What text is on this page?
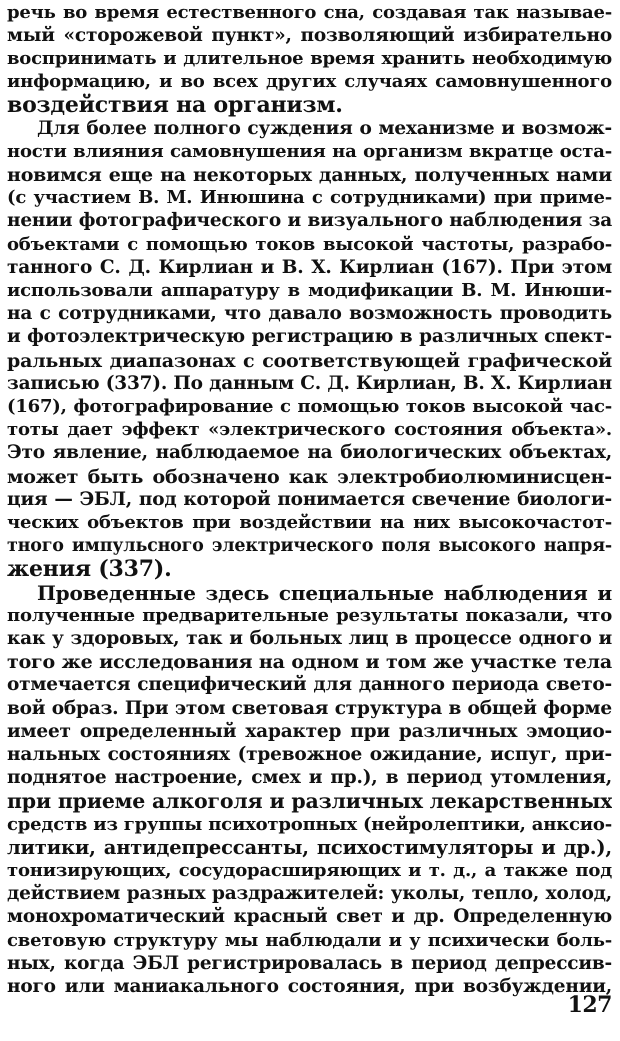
речь во время естественного сна, создавая так называе-
мый «сторожевой пункт», позволяющий избирательно
воспринимать и длительное время хранить необходимую
информацию, и во всех других случаях самовнушенного
воздействия на организм.
Для более полного суждения о механизме и возмож-
ности влияния самовнушения на организм вкратце оста-
новимся еще на некоторых данных, полученных нами
(с участием В. М. Инюшина с сотрудниками) при приме-
нении фотографического и визуального наблюдения за
объектами с помощью токов высокой частоты, разрабо-
танного С. Д. Кирлиан и В. Х. Кирлиан (167). При этом
использовали аппаратуру в модификации В. М. Инюши-
на с сотрудниками, что давало возможность проводить
и фотоэлектрическую регистрацию в различных спект-
ральных диапазонах с соответствующей графической
записью (337). По данным С. Д. Кирлиан, В. Х. Кирлиан
(167), фотографирование с помощью токов высокой час-
тоты дает эффект «электрического состояния объекта».
Это явление, наблюдаемое на биологических объектах,
может быть обозначено как электробиолюминисцен-
ция — ЭБЛ, под которой понимается свечение биологи-
ческих объектов при воздействии на них высокочастот-
тного импульсного электрического поля высокого напря-
жения (337).
Проведенные здесь специальные наблюдения и
полученные предварительные результаты показали, что
как у здоровых, так и больных лиц в процессе одного и
того же исследования на одном и том же участке тела
отмечается специфический для данного периода свето-
вой образ. При этом световая структура в общей форме
имеет определенный характер при различных эмоцио-
нальных состояниях (тревожное ожидание, испуг, при-
поднятое настроение, смех и пр.), в период утомления,
при приеме алкоголя и различных лекарственных
средств из группы психотропных (нейролептики, анксио-
литики, антидепрессанты, психостимуляторы и др.),
тонизирующих, сосудорасширяющих и т. д., а также под
действием разных раздражителей: уколы, тепло, холод,
монохроматический красный свет и др. Определенную
световую структуру мы наблюдали и у психически боль-
ных, когда ЭБЛ регистрировалась в период депрессив-
ного или маниакального состояния, при возбуждении,
127
